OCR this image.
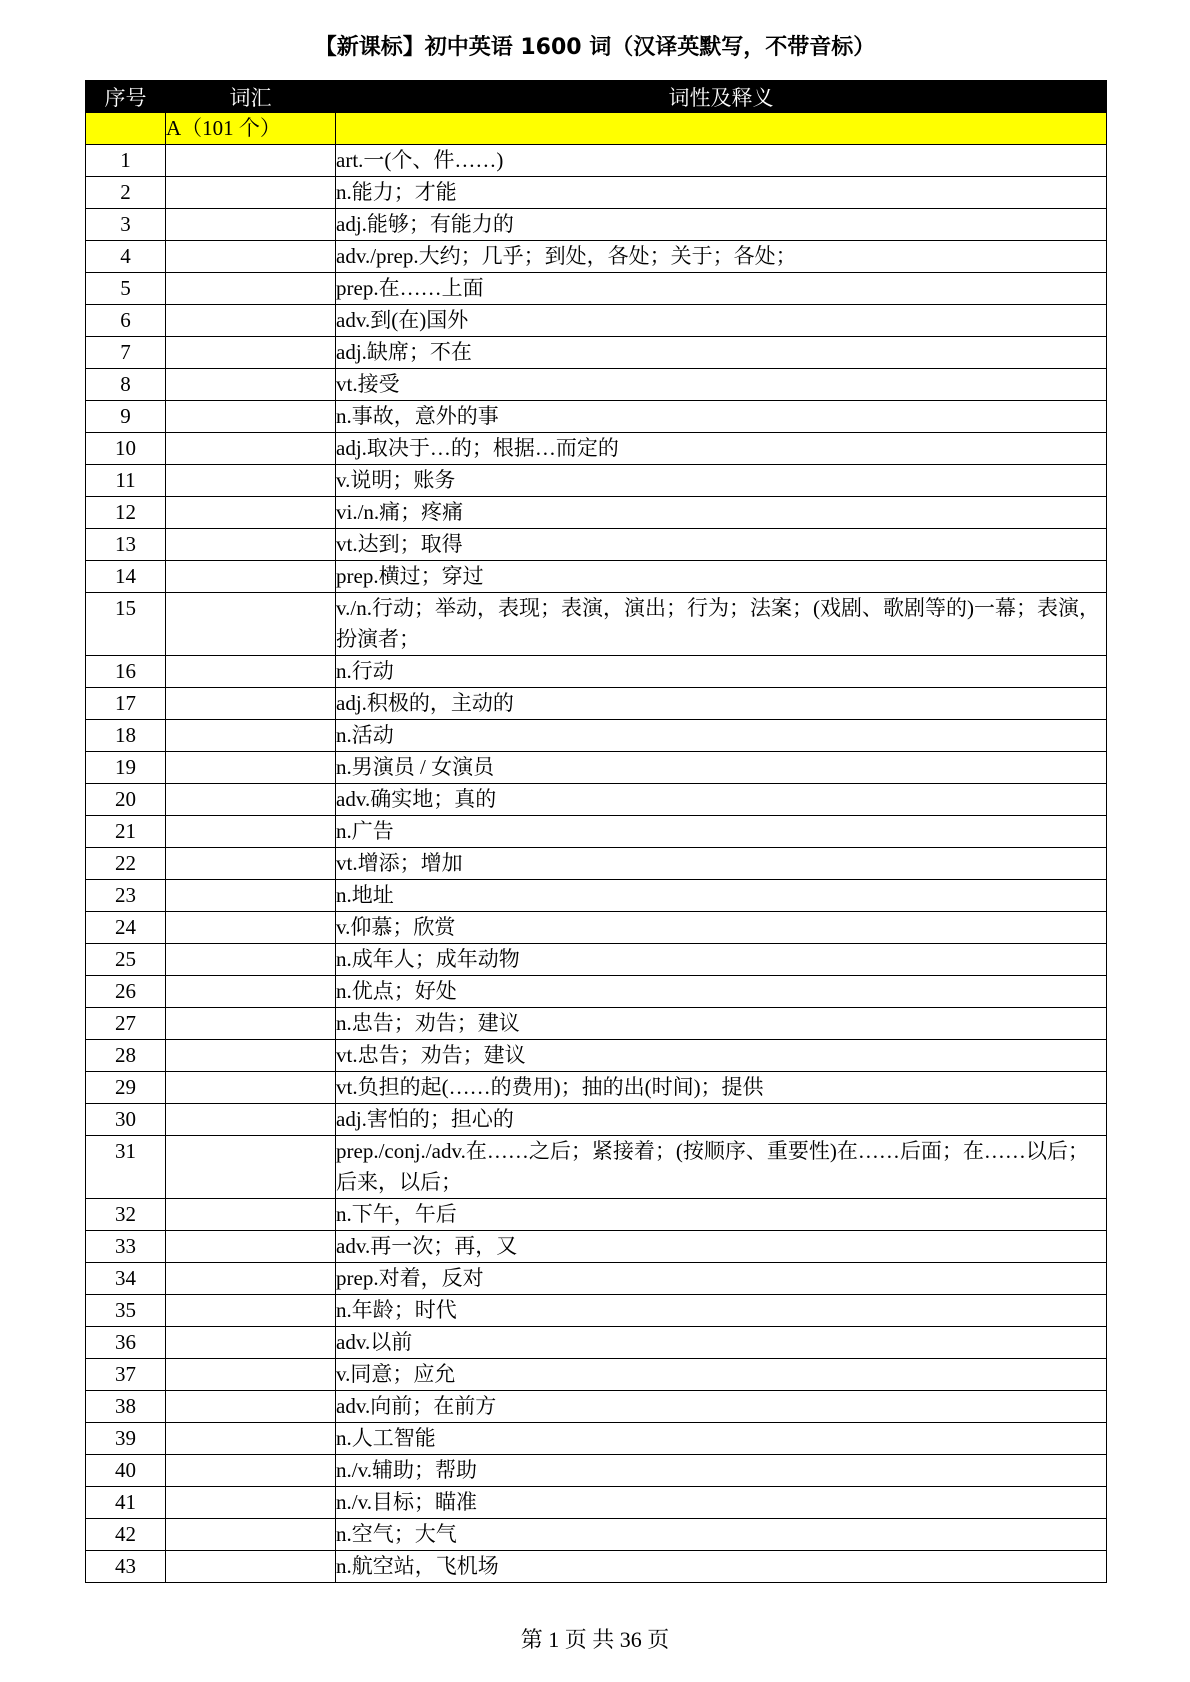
【新课标】初中英语 1600 词（汉译英默写，不带音标）
序号	词汇	词性及释义
	A（101 个）	
1		art.一(个、件……)
2		n.能力；才能
3		adj.能够；有能力的
4		adv./prep.大约；几乎；到处，各处；关于；各处；
5		prep.在……上面
6		adv.到(在)国外
7		adj.缺席；不在
8		vt.接受
9		n.事故，意外的事
10		adj.取决于…的；根据…而定的
11		v.说明；账务
12		vi./n.痛；疼痛
13		vt.达到；取得
14		prep.横过；穿过
15		v./n.行动；举动，表现；表演，演出；行为；法案；(戏剧、歌剧等的)一幕；表演，扮演者；
16		n.行动
17		adj.积极的，主动的
18		n.活动
19		n.男演员 / 女演员
20		adv.确实地；真的
21		n.广告
22		vt.增添；增加
23		n.地址
24		v.仰慕；欣赏
25		n.成年人；成年动物
26		n.优点；好处
27		n.忠告；劝告；建议
28		vt.忠告；劝告；建议
29		vt.负担的起(……的费用)；抽的出(时间)；提供
30		adj.害怕的；担心的
31		prep./conj./adv.在……之后；紧接着；(按顺序、重要性)在……后面；在……以后；后来，以后；
32		n.下午，午后
33		adv.再一次；再，又
34		prep.对着，反对
35		n.年龄；时代
36		adv.以前
37		v.同意；应允
38		adv.向前；在前方
39		n.人工智能
40		n./v.辅助；帮助
41		n./v.目标；瞄准
42		n.空气；大气
43		n.航空站，飞机场
第 1 页 共 36 页
